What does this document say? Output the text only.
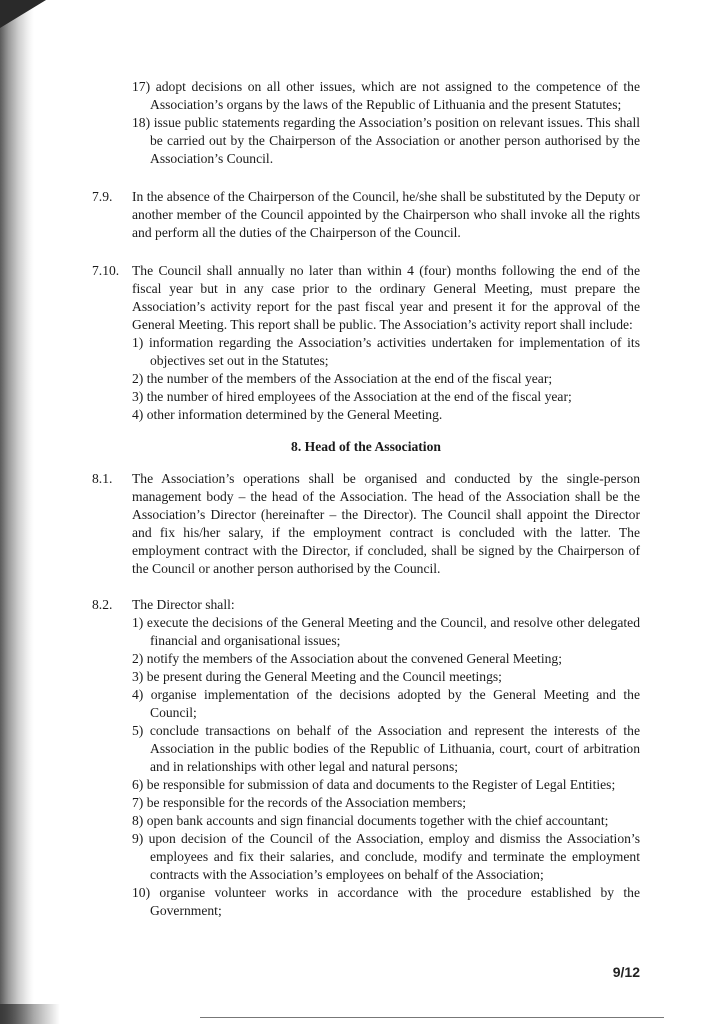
17) adopt decisions on all other issues, which are not assigned to the competence of the Association’s organs by the laws of the Republic of Lithuania and the present Statutes;

18) issue public statements regarding the Association’s position on relevant issues. This shall be carried out by the Chairperson of the Association or another person authorised by the Association’s Council.

7.9.	In the absence of the Chairperson of the Council, he/she shall be substituted by the Deputy or another member of the Council appointed by the Chairperson who shall invoke all the rights and perform all the duties of the Chairperson of the Council.

7.10. The Council shall annually no later than within 4 (four) months following the end of the fiscal year but in any case prior to the ordinary General Meeting, must prepare the Association’s activity report for the past fiscal year and present it for the approval of the General Meeting. This report shall be public. The Association’s activity report shall include:

1) information regarding the Association’s activities undertaken for implementation of its objectives set out in the Statutes;

2) the number of the members of the Association at the end of the fiscal year;

3) the number of hired employees of the Association at the end of the fiscal year;

4) other information determined by the General Meeting.

8. Head of the Association
8.1.	The Association’s operations shall be organised and conducted by the single-person management body – the head of the Association. The head of the Association shall be the Association’s Director (hereinafter – the Director). The Council shall appoint the Director and fix his/her salary, if the employment contract is concluded with the latter. The employment contract with the Director, if concluded, shall be signed by the Chairperson of the Council or another person authorised by the Council.

8.2.	The Director shall:

1) execute the decisions of the General Meeting and the Council, and resolve other delegated financial and organisational issues;

2) notify the members of the Association about the convened General Meeting;

3) be present during the General Meeting and the Council meetings;

4) organise implementation of the decisions adopted by the General Meeting and the Council;

5) conclude transactions on behalf of the Association and represent the interests of the Association in the public bodies of the Republic of Lithuania, court, court of arbitration and in relationships with other legal and natural persons;

6) be responsible for submission of data and documents to the Register of Legal Entities;

7) be responsible for the records of the Association members;

8) open bank accounts and sign financial documents together with the chief accountant;

9) upon decision of the Council of the Association, employ and dismiss the Association’s employees and fix their salaries, and conclude, modify and terminate the employment contracts with the Association’s employees on behalf of the Association;

10) organise volunteer works in accordance with the procedure established by the Government;

9/12
